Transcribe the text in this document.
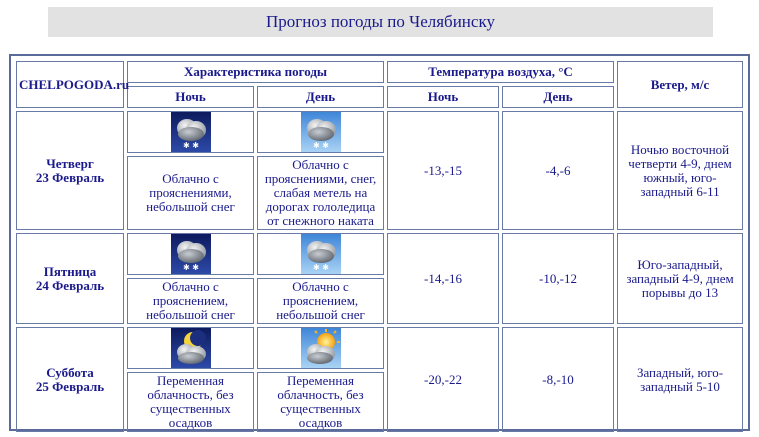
Прогноз погоды по Челябинску
CHELPOGODA.ru	Характеристика погоды		Температура воздуха, °С		Ветер, м/с
	Ночь	День	Ночь	День	
Четверг
23 Февраль	✱ ✱	✱ ✱	-13,-15	-4,-6	Ночью восточной четверти 4-9, днем южный, юго-западный 6-11
	Облачно с прояснениями, небольшой снег	Облачно с прояснениями, снег, слабая метель на дорогах гололедица от снежного наката			
Пятница
24 Февраль	✱ ✱	✱ ✱	-14,-16	-10,-12	Юго-западный, западный 4-9, днем порывы до 13
	Облачно с прояснением, небольшой снег	Облачно с прояснением, небольшой снег			
Суббота
25 Февраль			-20,-22	-8,-10	Западный, юго-западный 5-10
	Переменная облачность, без существенных осадков	Переменная облачность, без существенных осадков			
